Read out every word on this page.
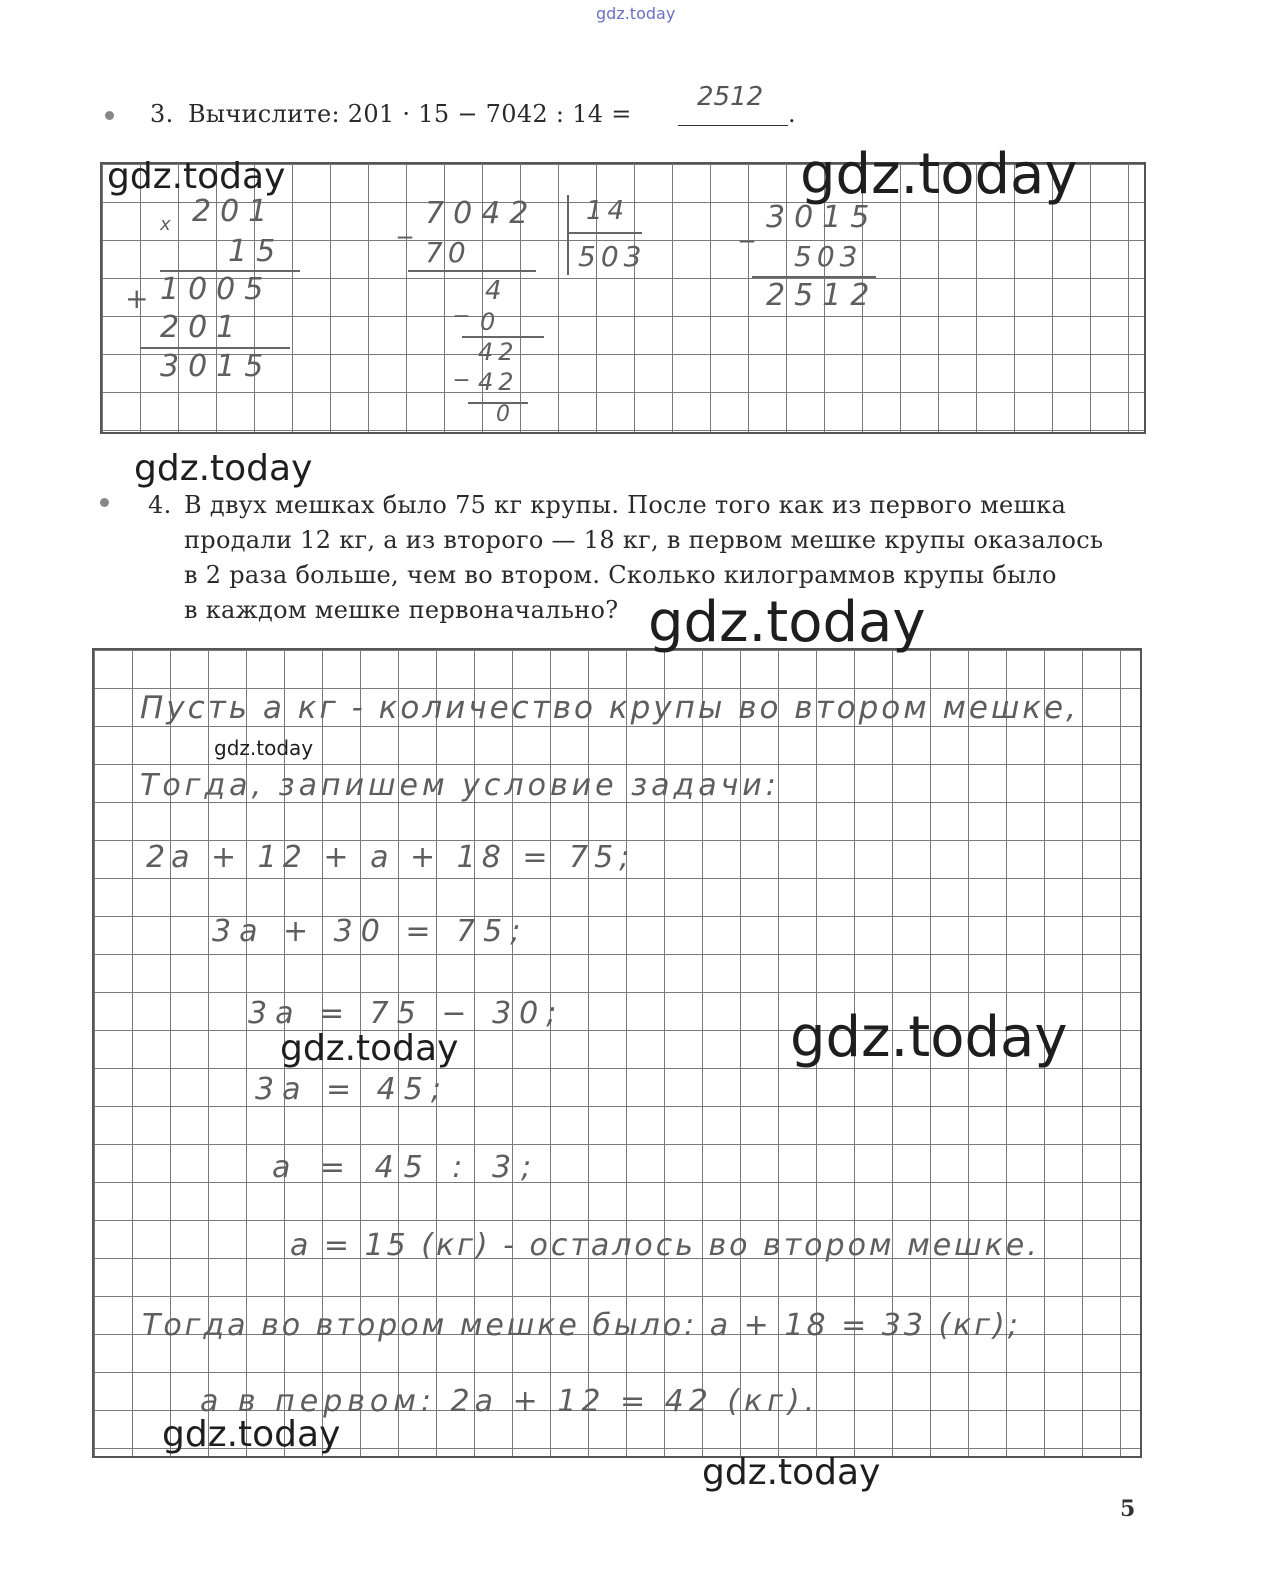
gdz.today
3. Вычислите: 201 · 15 − 7042 : 14 =
2512
.
x 201
15
+ 1005
201
3015
_ 7042 14
70	503
_ 4
0
_ 42
42
0
_ 3015
503
2512
4. В двух мешках было 75 кг крупы. После того как из первого мешка
продали 12 кг, а из второго — 18 кг, в первом мешке крупы оказалось
в 2 раза больше, чем во втором. Сколько килограммов крупы было
в каждом мешке первоначально?
Пусть a кг - количество крупы во втором мешке,
Тогда, запишем условие задачи:
2a + 12 + a + 18 = 75;
3a + 30 = 75;
3a = 75 − 30;
3a = 45;
a = 45 : 3;
a = 15 (кг) - осталось во втором мешке.
Тогда во втором мешке было: a + 18 = 33 (кг);
а в первом: 2a + 12 = 42 (кг).
gdz.today	gdz.today
gdz.today
gdz.today
gdz.today
gdz.today
gdz.today
gdz.today
gdz.today
5
